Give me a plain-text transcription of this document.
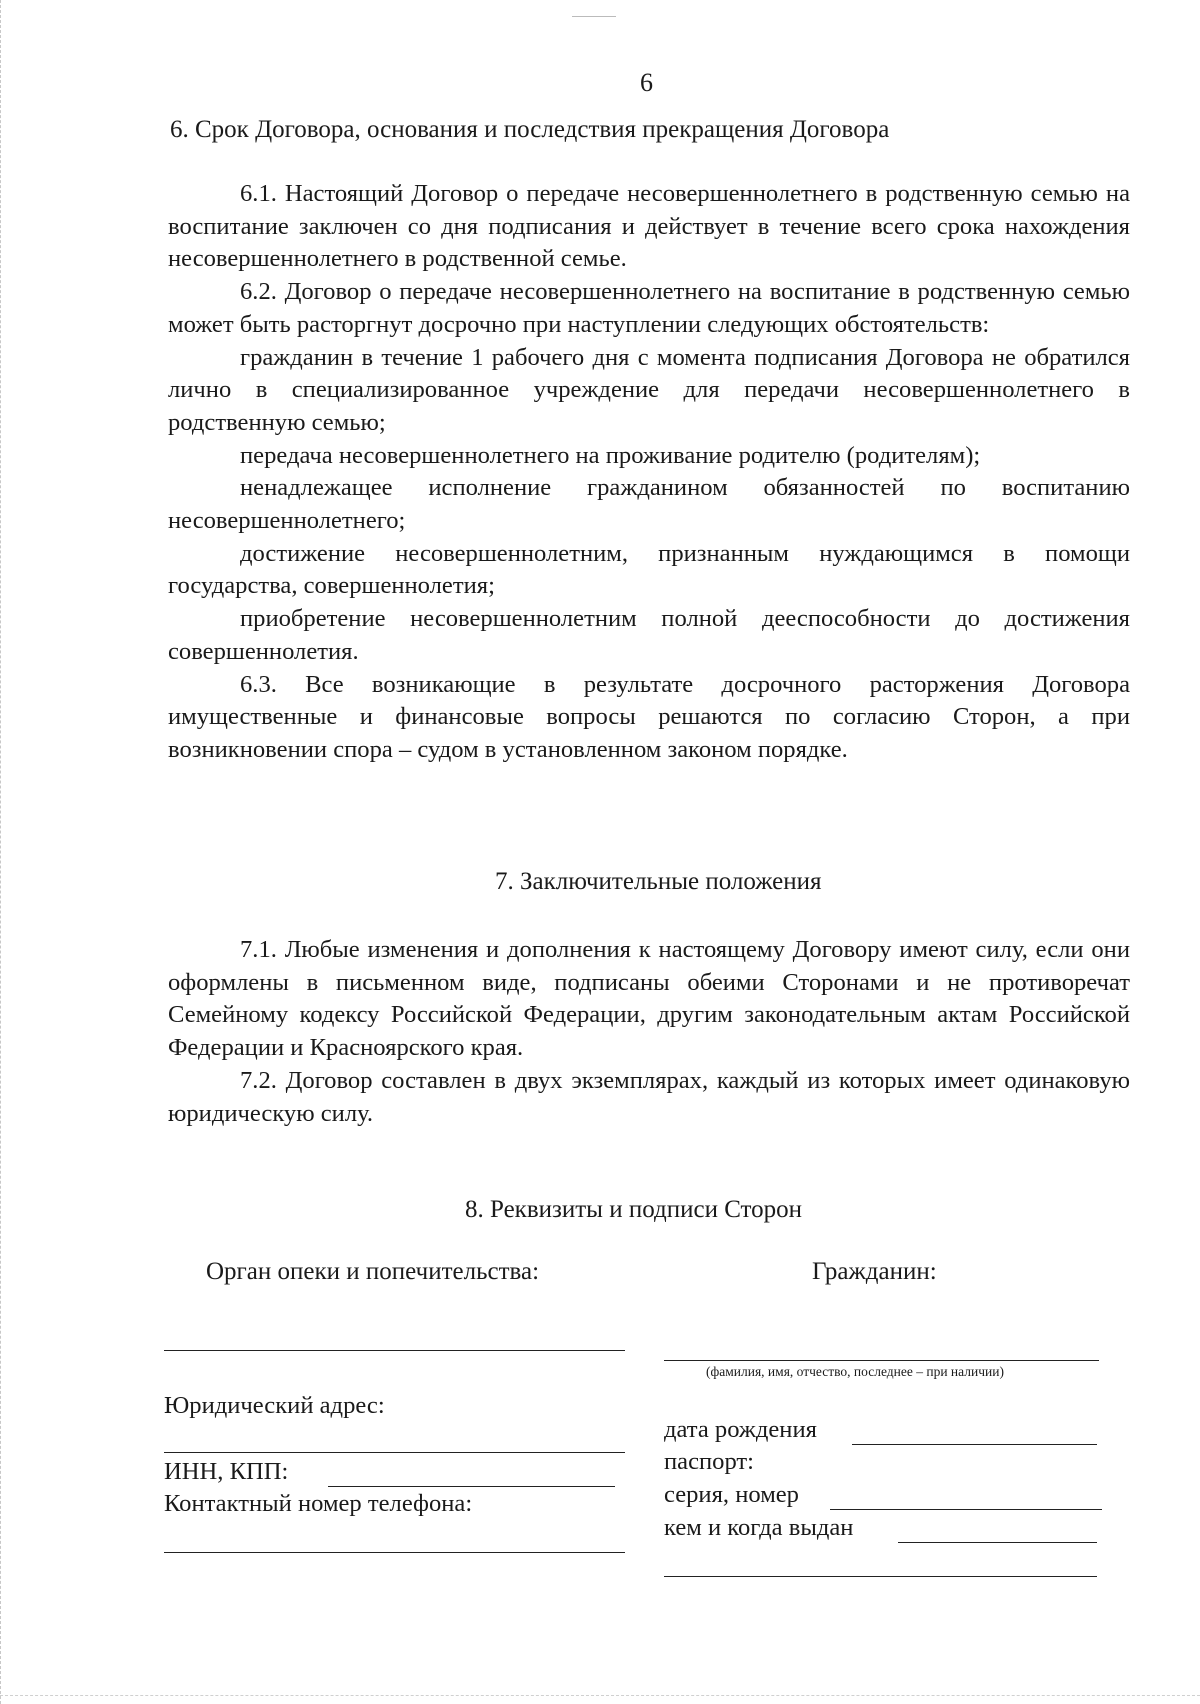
6
6. Срок Договора, основания и последствия прекращения Договора

6.1. Настоящий Договор о передаче несовершеннолетнего в родственную семью на воспитание заключен со дня подписания и действует в течение всего срока нахождения несовершеннолетнего в родственной семье.

6.2. Договор о передаче несовершеннолетнего на воспитание в родственную семью может быть расторгнут досрочно при наступлении следующих обстоятельств:

гражданин в течение 1 рабочего дня с момента подписания Договора не обратился лично в специализированное учреждение для передачи несовершеннолетнего в родственную семью;

передача несовершеннолетнего на проживание родителю (родителям);

ненадлежащее исполнение гражданином обязанностей по воспитанию несовершеннолетнего;

достижение несовершеннолетним, признанным нуждающимся в помощи государства, совершеннолетия;

приобретение несовершеннолетним полной дееспособности до достижения совершеннолетия.

6.3. Все возникающие в результате досрочного расторжения Договора имущественные и финансовые вопросы решаются по согласию Сторон, а при возникновении спора – судом в установленном законом порядке.

7. Заключительные положения

7.1. Любые изменения и дополнения к настоящему Договору имеют силу, если они оформлены в письменном виде, подписаны обеими Сторонами и не противоречат Семейному кодексу Российской Федерации, другим законодательным актам Российской Федерации и Красноярского края.

7.2. Договор составлен в двух экземплярах, каждый из которых имеет одинаковую юридическую силу.

8. Реквизиты и подписи Сторон
Орган опеки и попечительства:	Гражданин:
Юридический адрес:
ИНН, КПП:
Контактный номер телефона:
(фамилия, имя, отчество, последнее – при наличии)
дата рождения
паспорт:
серия, номер
кем и когда выдан
